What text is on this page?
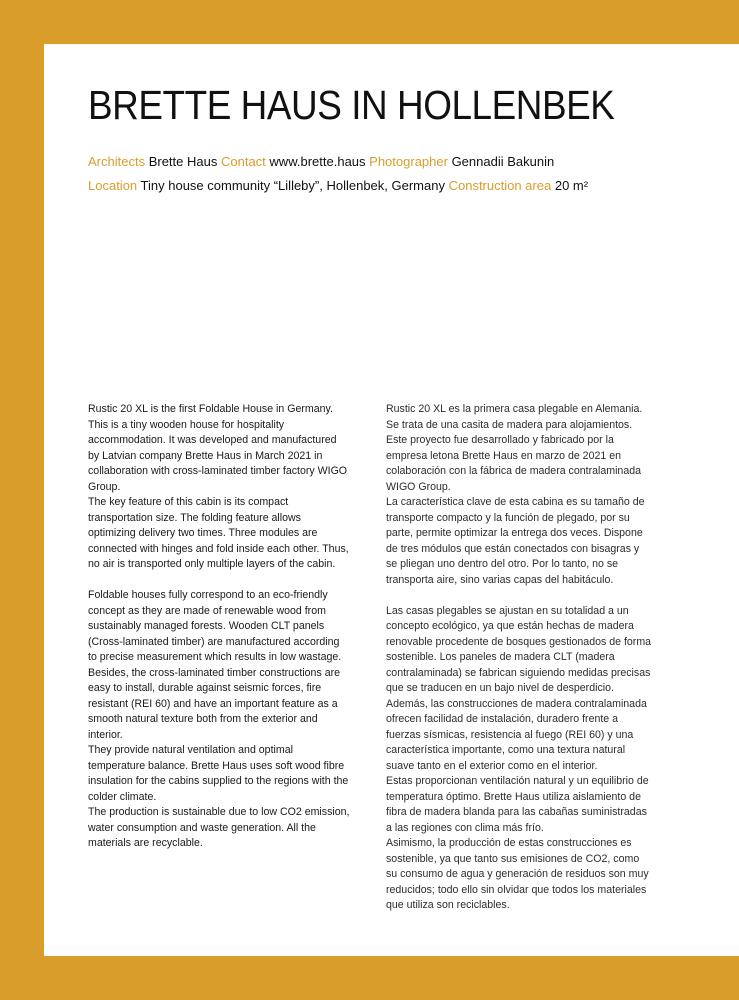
BRETTE HAUS IN HOLLENBEK
Architects Brette Haus Contact www.brette.haus Photographer Gennadii Bakunin
Location Tiny house community “Lilleby”, Hollenbek, Germany Construction area 20 m²

Rustic 20 XL is the first Foldable House in Germany. This is a tiny wooden house for hospitality accommodation. It was developed and manufactured by Latvian company Brette Haus in March 2021 in collaboration with cross-laminated timber factory WIGO Group.

The key feature of this cabin is its compact transportation size. The folding feature allows optimizing delivery two times. Three modules are connected with hinges and fold inside each other. Thus, no air is transported only multiple layers of the cabin.

Foldable houses fully correspond to an eco-friendly concept as they are made of renewable wood from sustainably managed forests. Wooden CLT panels (Cross-laminated timber) are manufactured according to precise measurement which results in low wastage.

Besides, the cross-laminated timber constructions are easy to install, durable against seismic forces, fire resistant (REI 60) and have an important feature as a smooth natural texture both from the exterior and interior.

They provide natural ventilation and optimal temperature balance. Brette Haus uses soft wood fibre insulation for the cabins supplied to the regions with the colder climate.

The production is sustainable due to low CO2 emission, water consumption and waste generation. All the materials are recyclable.

Rustic 20 XL es la primera casa plegable en Alemania. Se trata de una casita de madera para alojamientos. Este proyecto fue desarrollado y fabricado por la empresa letona Brette Haus en marzo de 2021 en colaboración con la fábrica de madera contralaminada WIGO Group.

La característica clave de esta cabina es su tamaño de transporte compacto y la función de plegado, por su parte, permite optimizar la entrega dos veces. Dispone de tres módulos que están conectados con bisagras y se pliegan uno dentro del otro. Por lo tanto, no se transporta aire, sino varias capas del habitáculo.

Las casas plegables se ajustan en su totalidad a un concepto ecológico, ya que están hechas de madera renovable procedente de bosques gestionados de forma sostenible. Los paneles de madera CLT (madera contralaminada) se fabrican siguiendo medidas precisas que se traducen en un bajo nivel de desperdicio.

Además, las construcciones de madera contralaminada ofrecen facilidad de instalación, duradero frente a fuerzas sísmicas, resistencia al fuego (REI 60) y una característica importante, como una textura natural suave tanto en el exterior como en el interior.

Estas proporcionan ventilación natural y un equilibrio de temperatura óptimo. Brette Haus utiliza aislamiento de fibra de madera blanda para las cabañas suministradas a las regiones con clima más frío.

Asimismo, la producción de estas construcciones es sostenible, ya que tanto sus emisiones de CO2, como su consumo de agua y generación de residuos son muy reducidos; todo ello sin olvidar que todos los materiales que utiliza son reciclables.
